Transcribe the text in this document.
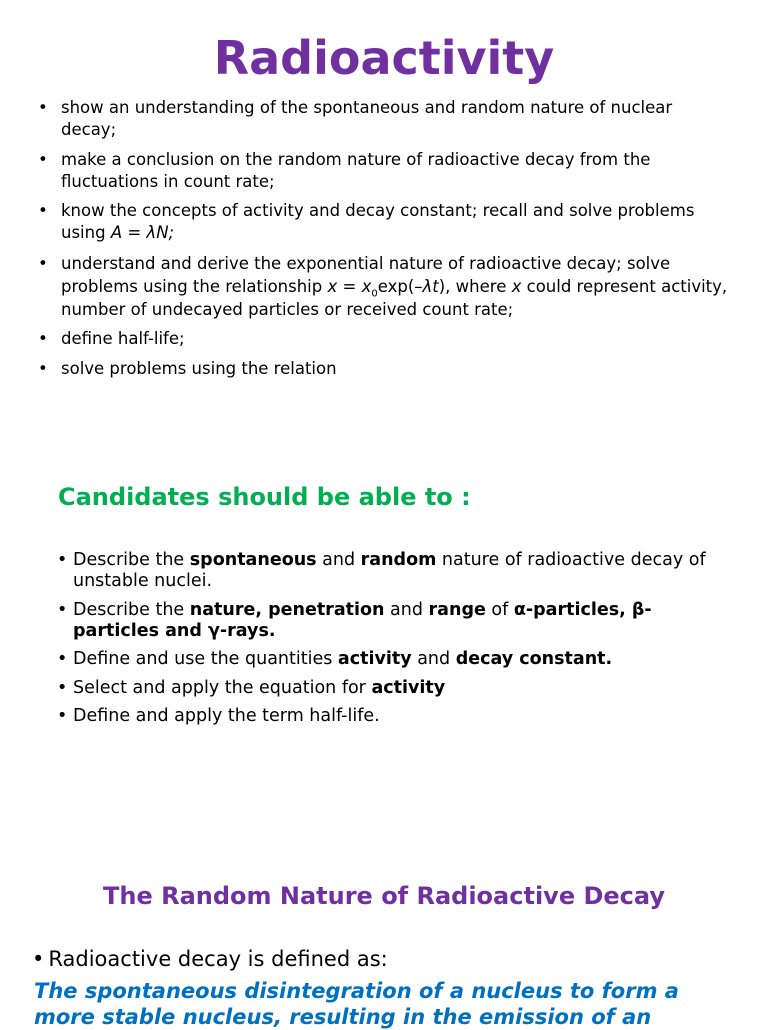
Radioactivity
• show an understanding of the spontaneous and random nature of nuclear decay;
• make a conclusion on the random nature of radioactive decay from the fluctuations in count rate;
• know the concepts of activity and decay constant; recall and solve problems using A = λN;
• understand and derive the exponential nature of radioactive decay; solve problems using the relationship $x = x_0\exp(-\lambda t)$, where x could represent activity, number of undecayed particles or received count rate;
• define half-life;
• solve problems using the relation
Candidates should be able to :
• Describe the spontaneous and random nature of radioactive decay of unstable nuclei.
• Describe the nature, penetration and range of α-particles, β-particles and γ-rays.
• Define and use the quantities activity and decay constant.
• Select and apply the equation for activity
• Define and apply the term half-life.
The Random Nature of Radioactive Decay
• Radioactive decay is defined as:
The spontaneous disintegration of a nucleus to form a more stable nucleus, resulting in the emission of an
